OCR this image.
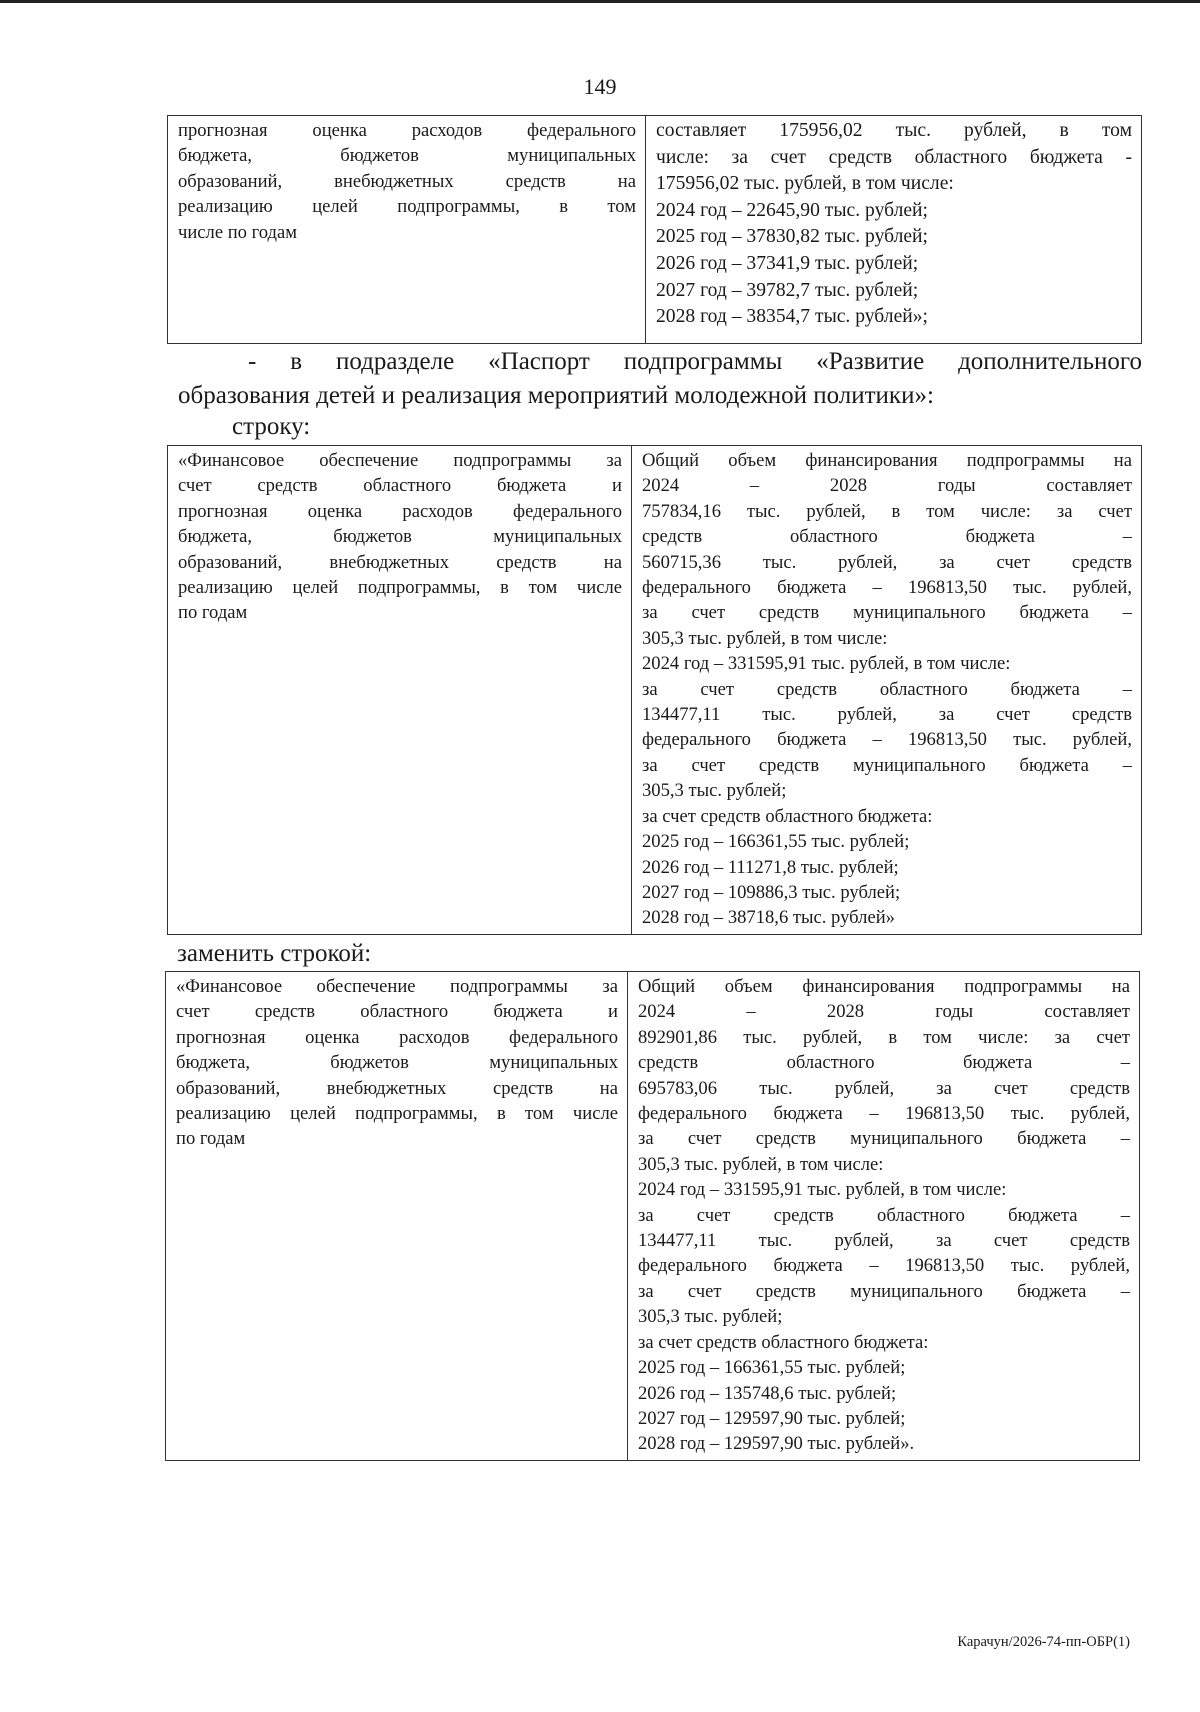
149
прогнозная оценка расходов федерального
бюджета, бюджетов муниципальных
образований, внебюджетных средств на
реализацию целей подпрограммы, в том
числе по годам
составляет 175956,02 тыс. рублей, в том
числе: за счет средств областного бюджета -
175956,02 тыс. рублей, в том числе:
2024 год – 22645,90 тыс. рублей;
2025 год – 37830,82 тыс. рублей;
2026 год – 37341,9 тыс. рублей;
2027 год – 39782,7 тыс. рублей;
2028 год – 38354,7 тыс. рублей»;
- в подразделе «Паспорт подпрограммы «Развитие дополнительного
образования детей и реализация мероприятий молодежной политики»:
строку:
«Финансовое обеспечение подпрограммы за
счет средств областного бюджета и
прогнозная оценка расходов федерального
бюджета, бюджетов муниципальных
образований, внебюджетных средств на
реализацию целей подпрограммы, в том числе
по годам
Общий объем финансирования подпрограммы на
2024 – 2028 годы составляет
757834,16 тыс. рублей, в том числе: за счет
средств областного бюджета –
560715,36 тыс. рублей, за счет средств
федерального бюджета – 196813,50 тыс. рублей,
за счет средств муниципального бюджета –
305,3 тыс. рублей, в том числе:
2024 год – 331595,91 тыс. рублей, в том числе:
за счет средств областного бюджета –
134477,11 тыс. рублей, за счет средств
федерального бюджета – 196813,50 тыс. рублей,
за счет средств муниципального бюджета –
305,3 тыс. рублей;
за счет средств областного бюджета:
2025 год – 166361,55 тыс. рублей;
2026 год – 111271,8 тыс. рублей;
2027 год – 109886,3 тыс. рублей;
2028 год – 38718,6 тыс. рублей»
заменить строкой:
«Финансовое обеспечение подпрограммы за
счет средств областного бюджета и
прогнозная оценка расходов федерального
бюджета, бюджетов муниципальных
образований, внебюджетных средств на
реализацию целей подпрограммы, в том числе
по годам
Общий объем финансирования подпрограммы на
2024 – 2028 годы составляет
892901,86 тыс. рублей, в том числе: за счет
средств областного бюджета –
695783,06 тыс. рублей, за счет средств
федерального бюджета – 196813,50 тыс. рублей,
за счет средств муниципального бюджета –
305,3 тыс. рублей, в том числе:
2024 год – 331595,91 тыс. рублей, в том числе:
за счет средств областного бюджета –
134477,11 тыс. рублей, за счет средств
федерального бюджета – 196813,50 тыс. рублей,
за счет средств муниципального бюджета –
305,3 тыс. рублей;
за счет средств областного бюджета:
2025 год – 166361,55 тыс. рублей;
2026 год – 135748,6 тыс. рублей;
2027 год – 129597,90 тыс. рублей;
2028 год – 129597,90 тыс. рублей».
Карачун/2026-74-пп-ОБР(1)
